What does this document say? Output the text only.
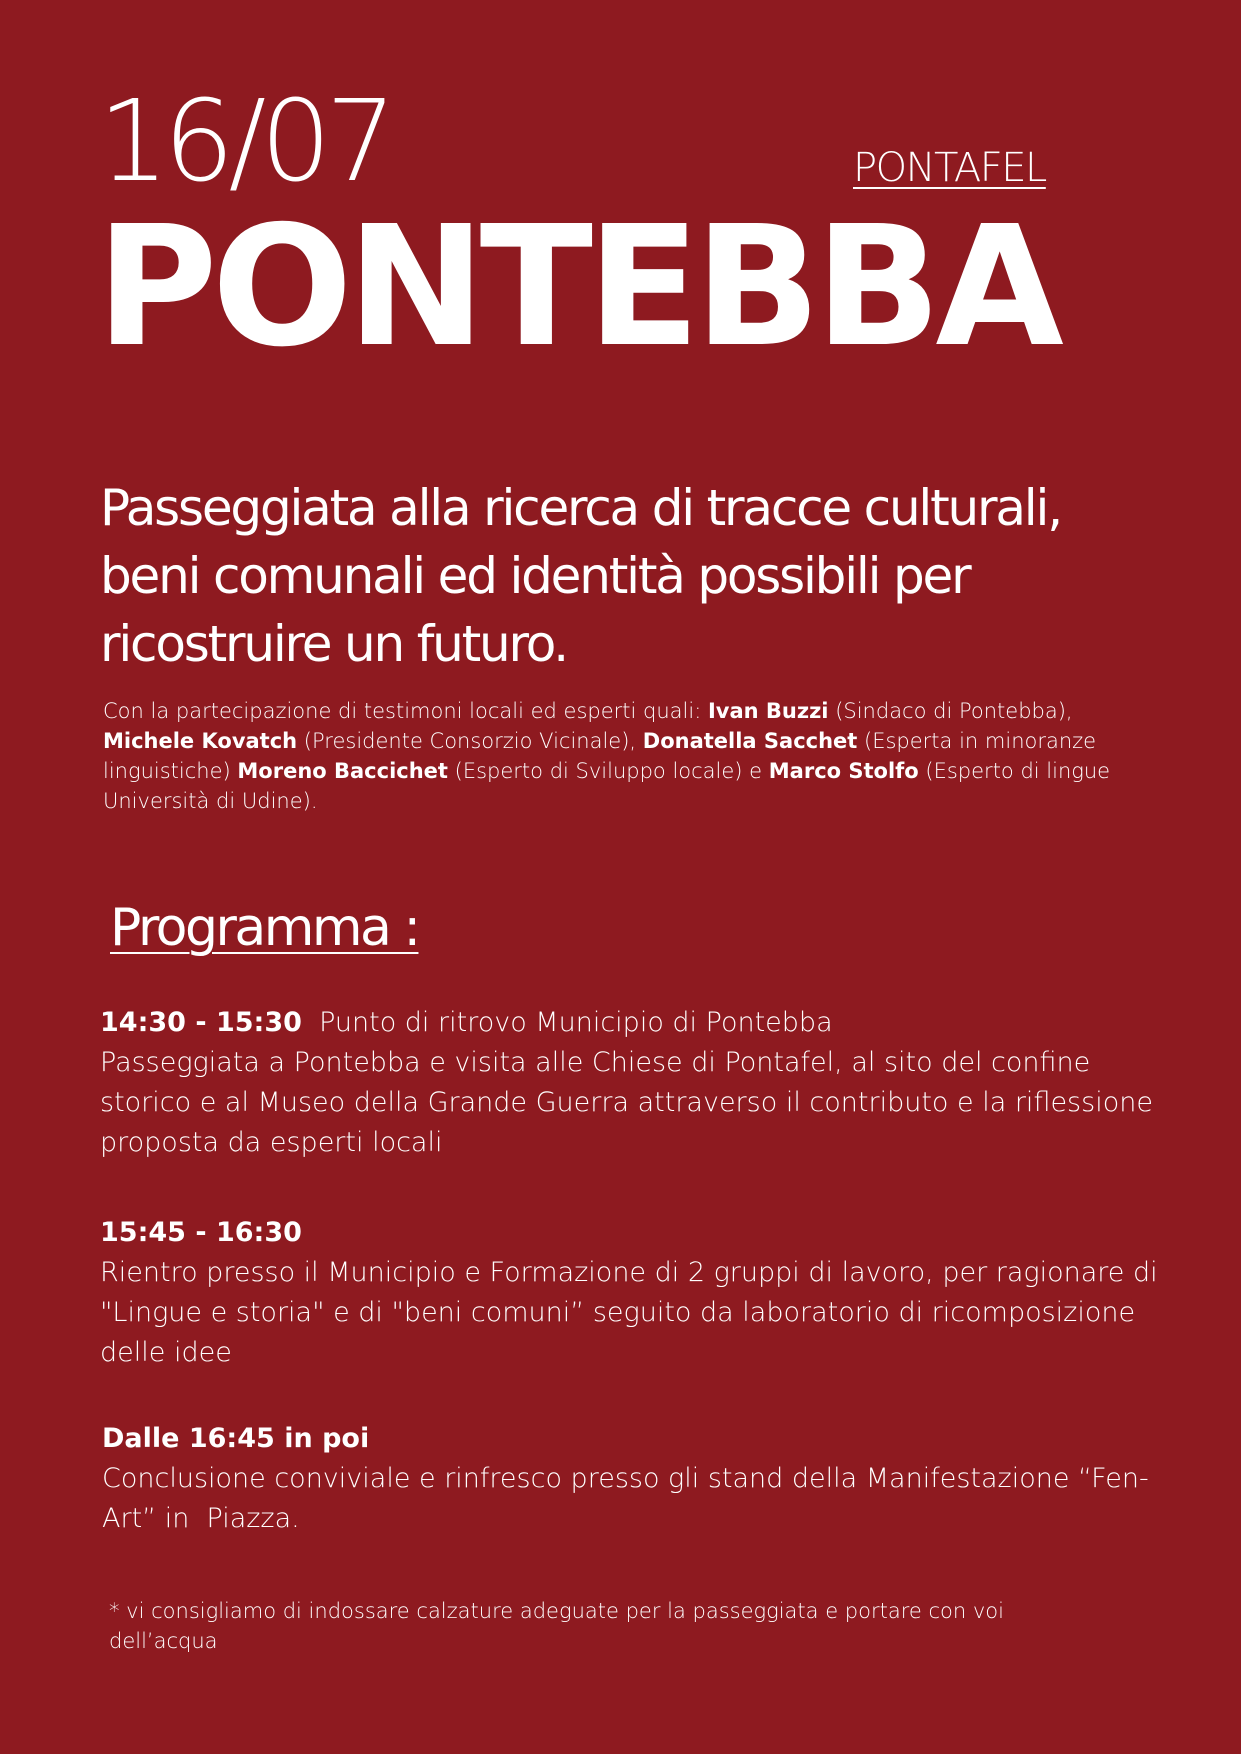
16/07	PONTAFEL
PONTEBBA
Passeggiata alla ricerca di tracce culturali, beni comunali ed identità possibili per ricostruire un futuro.
Con la partecipazione di testimoni locali ed esperti quali: Ivan Buzzi (Sindaco di Pontebba), Michele Kovatch (Presidente Consorzio Vicinale), Donatella Sacchet (Esperta in minoranze linguistiche) Moreno Baccichet (Esperto di Sviluppo locale) e Marco Stolfo (Esperto di lingue Università di Udine).
Programma :
14:30 - 15:30  Punto di ritrovo Municipio di Pontebba
Passeggiata a Pontebba e visita alle Chiese di Pontafel, al sito del confine storico e al Museo della Grande Guerra attraverso il contributo e la riflessione proposta da esperti locali
15:45 - 16:30
Rientro presso il Municipio e Formazione di 2 gruppi di lavoro, per ragionare di "Lingue e storia" e di "beni comuni” seguito da laboratorio di ricomposizione delle idee
Dalle 16:45 in poi
Conclusione conviviale e rinfresco presso gli stand della Manifestazione “Fen-Art” in  Piazza.
* vi consigliamo di indossare calzature adeguate per la passeggiata e portare con voi dell’acqua
